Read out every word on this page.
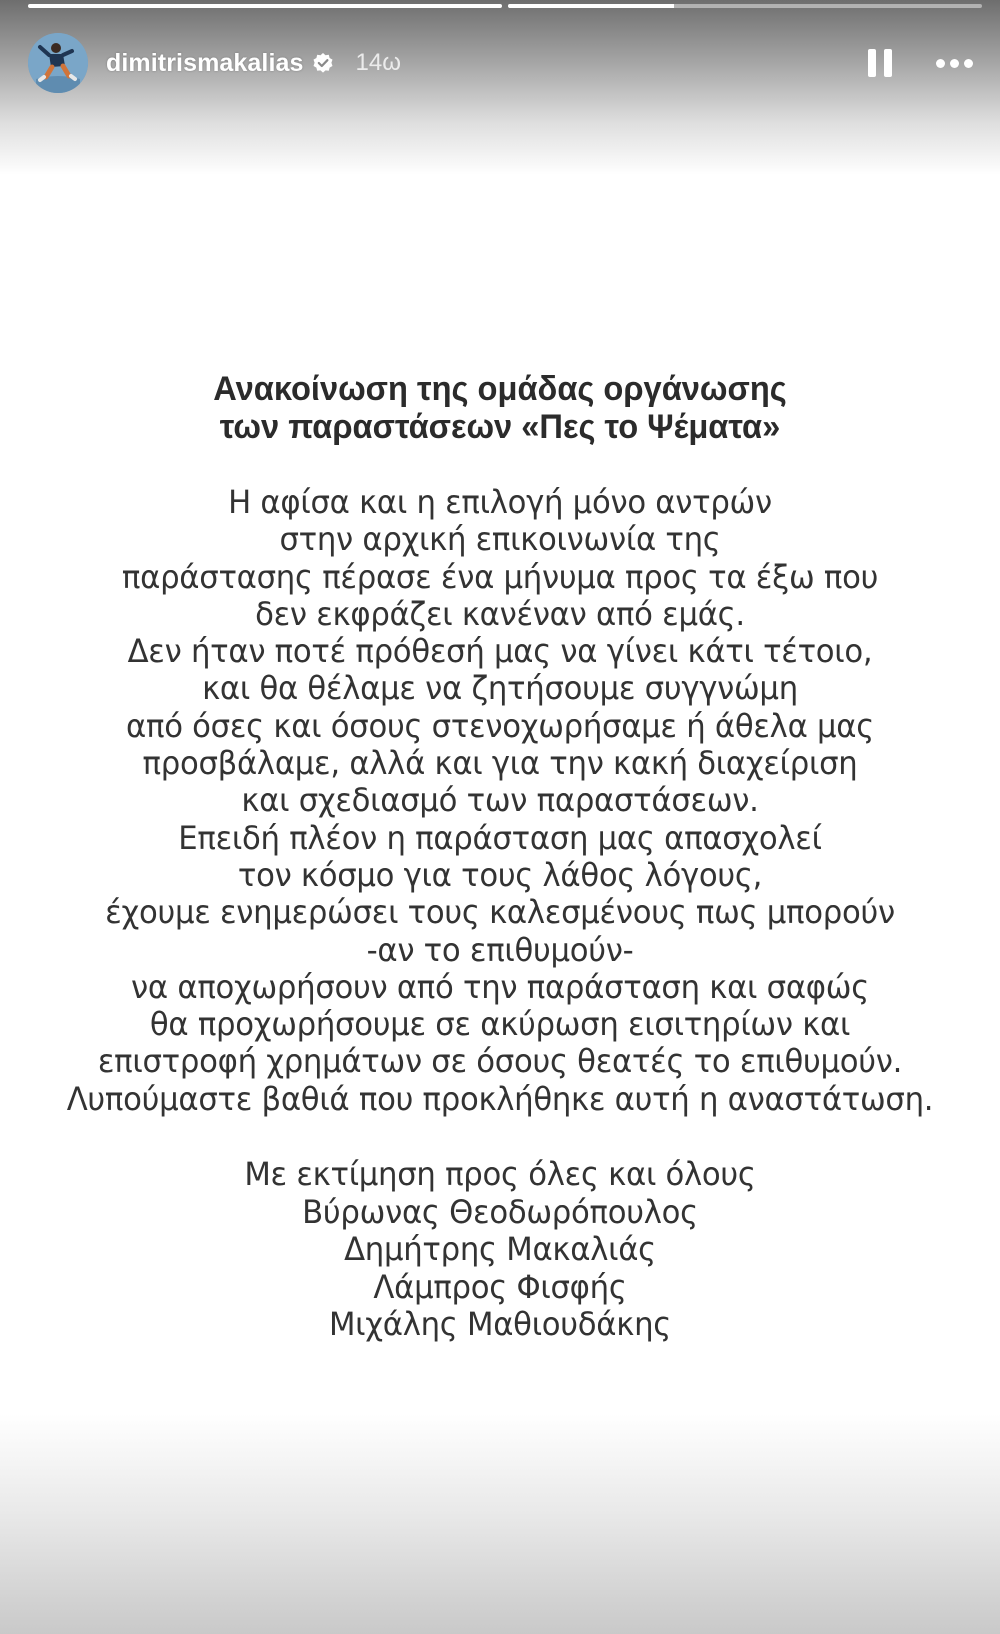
dimitrismakalias 14ω
Ανακοίνωση της ομάδας οργάνωσης
των παραστάσεων «Πες το Ψέματα»
Η αφίσα και η επιλογή μόνο αντρών
στην αρχική επικοινωνία της
παράστασης πέρασε ένα μήνυμα προς τα έξω που
δεν εκφράζει κανέναν από εμάς.
Δεν ήταν ποτέ πρόθεσή μας να γίνει κάτι τέτοιο,
και θα θέλαμε να ζητήσουμε συγγνώμη
από όσες και όσους στενοχωρήσαμε ή άθελα μας
προσβάλαμε, αλλά και για την κακή διαχείριση
και σχεδιασμό των παραστάσεων.
Επειδή πλέον η παράσταση μας απασχολεί
τον κόσμο για τους λάθος λόγους,
έχουμε ενημερώσει τους καλεσμένους πως μπορούν
-αν το επιθυμούν-
να αποχωρήσουν από την παράσταση και σαφώς
θα προχωρήσουμε σε ακύρωση εισιτηρίων και
επιστροφή χρημάτων σε όσους θεατές το επιθυμούν.
Λυπούμαστε βαθιά που προκλήθηκε αυτή η αναστάτωση.
Με εκτίμηση προς όλες και όλους
Βύρωνας Θεοδωρόπουλος
Δημήτρης Μακαλιάς
Λάμπρος Φισφής
Μιχάλης Μαθιουδάκης
